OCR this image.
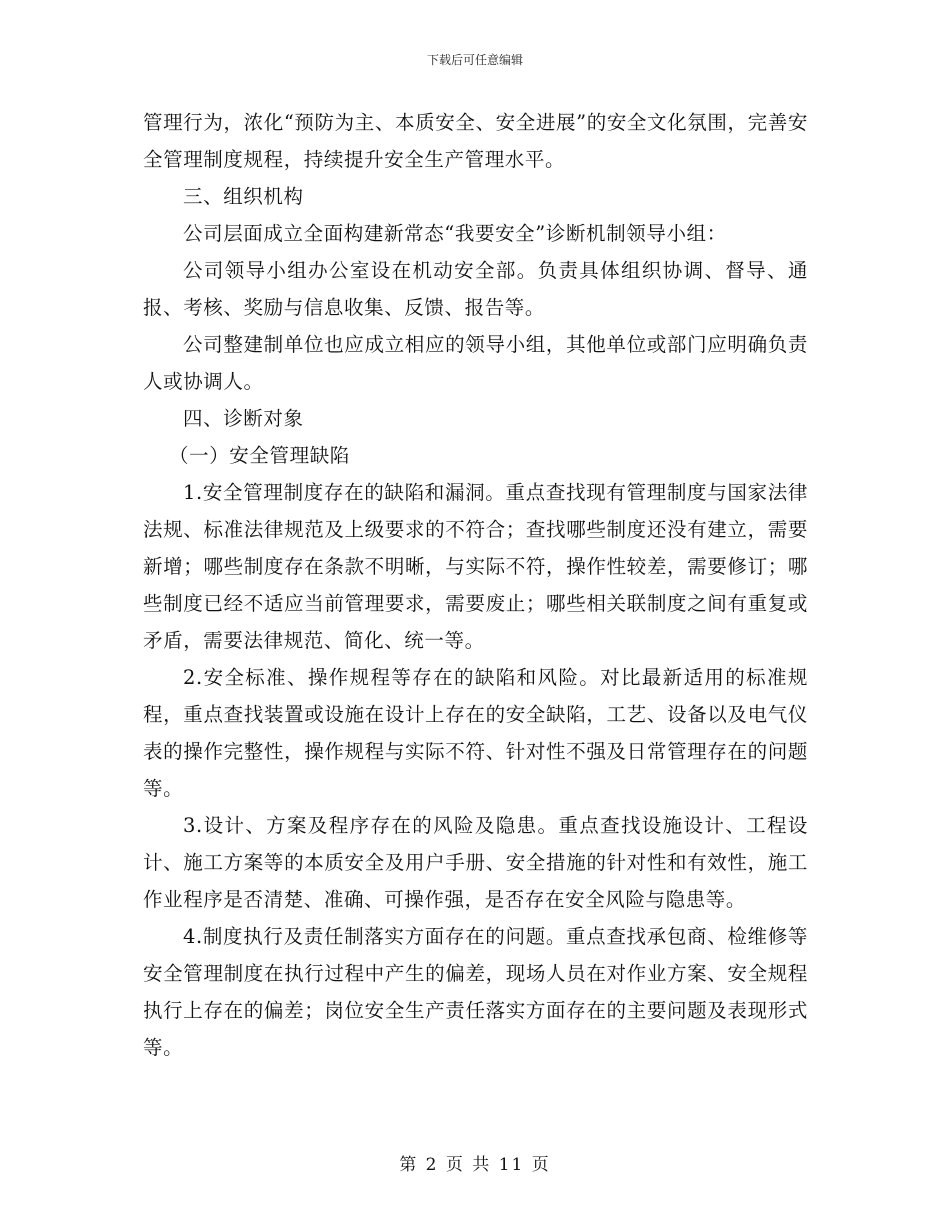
下载后可任意编辑

管理行为，浓化“预防为主、本质安全、安全进展”的安全文化氛围，完善安全管理制度规程，持续提升安全生产管理水平。

三、组织机构

公司层面成立全面构建新常态“我要安全”诊断机制领导小组：

公司领导小组办公室设在机动安全部。负责具体组织协调、督导、通报、考核、奖励与信息收集、反馈、报告等。

公司整建制单位也应成立相应的领导小组，其他单位或部门应明确负责人或协调人。

四、诊断对象

（一）安全管理缺陷

1.安全管理制度存在的缺陷和漏洞。重点查找现有管理制度与国家法律法规、标准法律规范及上级要求的不符合；查找哪些制度还没有建立，需要新增；哪些制度存在条款不明晰，与实际不符，操作性较差，需要修订；哪些制度已经不适应当前管理要求，需要废止；哪些相关联制度之间有重复或矛盾，需要法律规范、简化、统一等。

2.安全标准、操作规程等存在的缺陷和风险。对比最新适用的标准规程，重点查找装置或设施在设计上存在的安全缺陷，工艺、设备以及电气仪表的操作完整性，操作规程与实际不符、针对性不强及日常管理存在的问题等。

3.设计、方案及程序存在的风险及隐患。重点查找设施设计、工程设计、施工方案等的本质安全及用户手册、安全措施的针对性和有效性，施工作业程序是否清楚、准确、可操作强，是否存在安全风险与隐患等。

4.制度执行及责任制落实方面存在的问题。重点查找承包商、检维修等安全管理制度在执行过程中产生的偏差，现场人员在对作业方案、安全规程执行上存在的偏差；岗位安全生产责任落实方面存在的主要问题及表现形式等。

第 2 页 共 11 页
